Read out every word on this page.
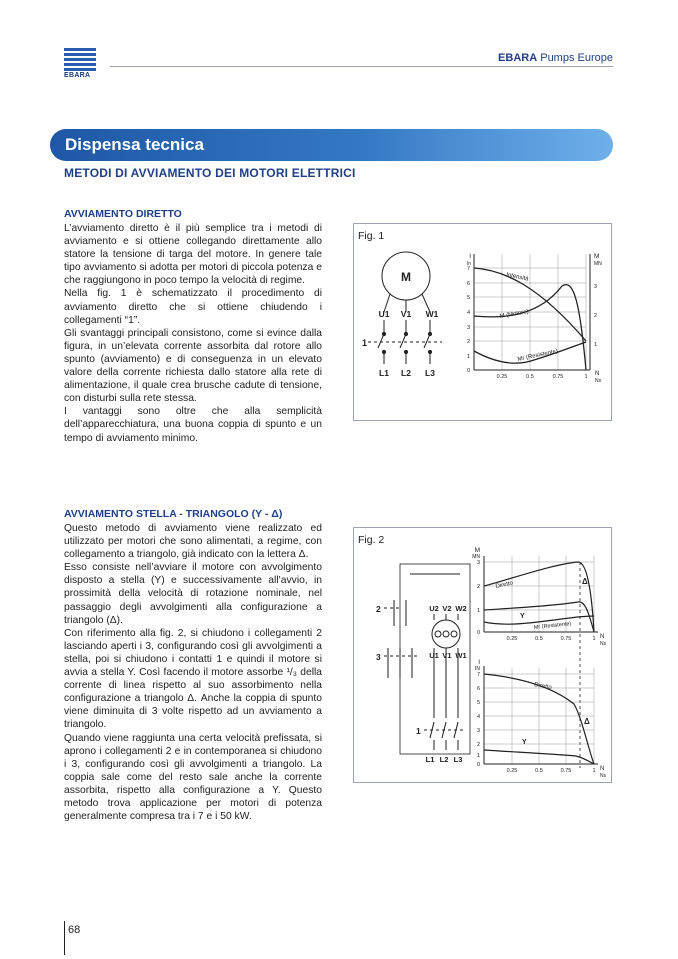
EBARA
EBARA Pumps Europe
Dispensa tecnica
METODI DI AVVIAMENTO DEI MOTORI ELETTRICI
AVVIAMENTO DIRETTO
L’avviamento diretto è il più semplice tra i metodi di avviamento e si ottiene collegando direttamente allo statore la tensione di targa del motore. In genere tale tipo avviamento si adotta per motori di piccola potenza e che raggiungono in poco tempo la velocità di regime.
Nella fig. 1 è schematizzato il procedimento di avviamento diretto che si ottiene chiudendo i collegamenti “1”.
Gli svantaggi principali consistono, come si evince dalla figura, in un’elevata corrente assorbita dal rotore allo spunto (avviamento) e di conseguenza in un elevato valore della corrente richiesta dallo statore alla rete di alimentazione, il quale crea brusche cadute di tensione, con disturbi sulla rete stessa.
I vantaggi sono oltre che alla semplicità dell’apparecchiatura, una buona coppia di spunto e un tempo di avviamento minimo.
AVVIAMENTO STELLA - TRIANGOLO (Y - Δ)
Questo metodo di avviamento viene realizzato ed utilizzato per motori che sono alimentati, a regime, con collegamento a triangolo, già indicato con la lettera Δ.
Esso consiste nell’avviare il motore con avvolgimento disposto a stella (Y) e successivamente all’avvio, in prossimità della velocità di rotazione nominale, nel passaggio degli avvolgimenti alla configurazione a triangolo (Δ).
Con riferimento alla fig. 2, si chiudono i collegamenti 2 lasciando aperti i 3, configurando così gli avvolgimenti a stella, poi si chiudono i contatti 1 e quindi il motore si avvia a stella Y. Così facendo il motore assorbe ¹/₃ della corrente di linea rispetto al suo assorbimento nella configurazione a triangolo Δ. Anche la coppia di spunto viene diminuita di 3 volte rispetto ad un avviamento a triangolo.
Quando viene raggiunta una certa velocità prefissata, si aprono i collegamenti 2 e in contemporanea si chiudono i 3, configurando così gli avvolgimenti a triangolo. La coppia sale come del resto sale anche la corrente assorbita, rispetto alla configurazione a Y. Questo metodo trova applicazione per motori di potenza generalmente compresa tra i 7 e i 50 kW.
Fig. 1
M
U1 V1 W1
1
L1 L2 L3
I
In
M
MN
7
6
5
4
3
2
1
0
3
2
1
0.25	0.5	0.75	1 N
Ns
Intensità
M (Motore)
Mr (Resistente)
Fig. 2
U2 V2 W2
U1 V1 W1
2
3
1
L1 L2 L3
M
MN
3
2
1
0
0.25	0.5	0.75	1 N
Ns
Diretto	Δ
Y
Mr (Resistente)
I
IN
7
6
5
4
3
2
1
0
0.25	0.5	0.75	1 N
Ns
Diretto
Δ
Y
68
